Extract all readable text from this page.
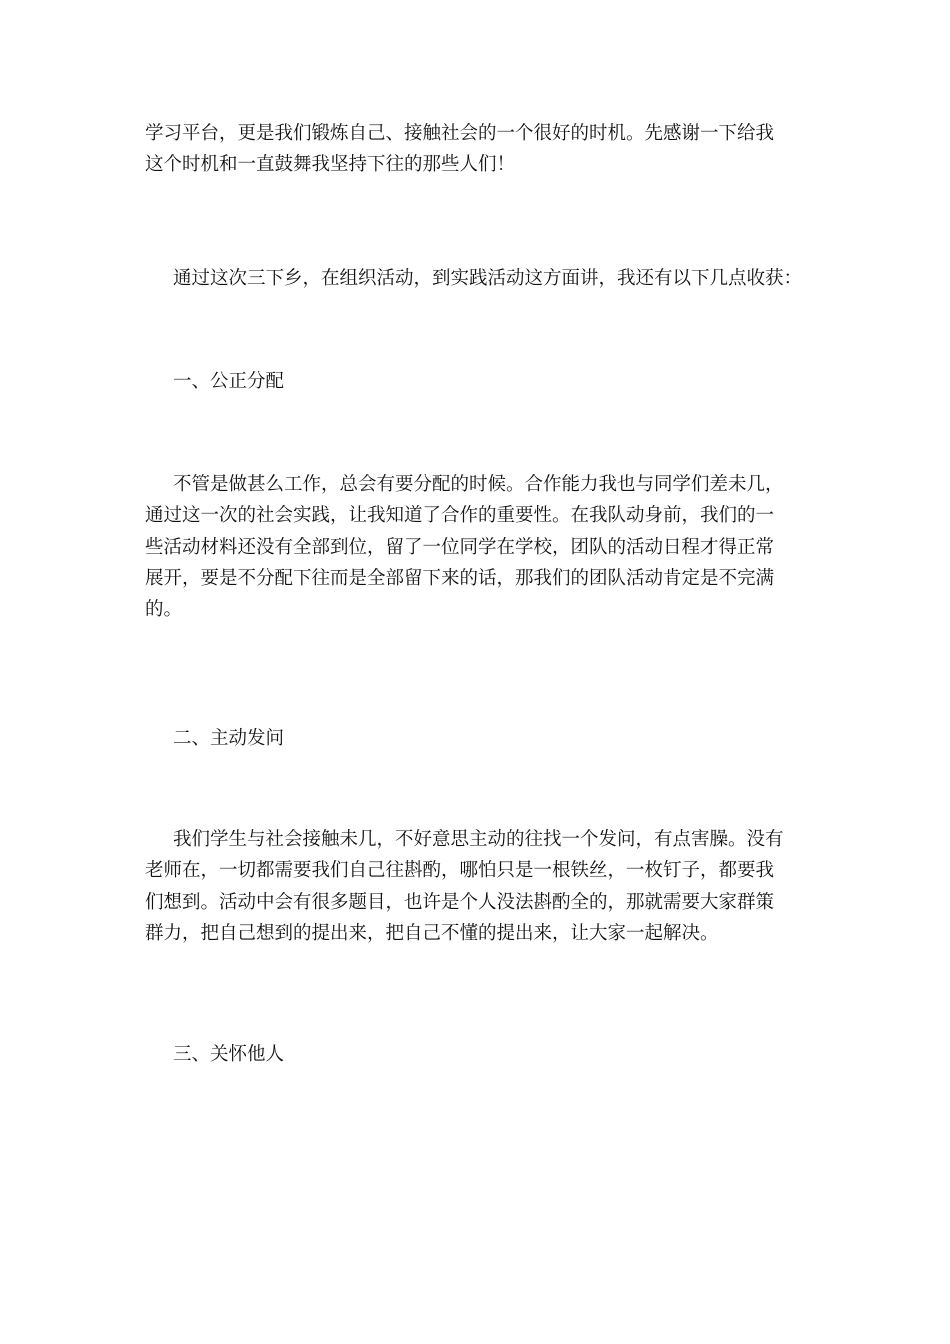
学习平台，更是我们锻炼自己、接触社会的一个很好的时机。先感谢一下给我
这个时机和一直鼓舞我坚持下往的那些人们！
通过这次三下乡，在组织活动，到实践活动这方面讲，我还有以下几点收获：
一、公正分配
不管是做甚么工作，总会有要分配的时候。合作能力我也与同学们差未几，
通过这一次的社会实践，让我知道了合作的重要性。在我队动身前，我们的一
些活动材料还没有全部到位，留了一位同学在学校，团队的活动日程才得正常
展开，要是不分配下往而是全部留下来的话，那我们的团队活动肯定是不完满
的。
二、主动发问
我们学生与社会接触未几，不好意思主动的往找一个发问，有点害臊。没有
老师在，一切都需要我们自己往斟酌，哪怕只是一根铁丝，一枚钉子，都要我
们想到。活动中会有很多题目，也许是个人没法斟酌全的，那就需要大家群策
群力，把自己想到的提出来，把自己不懂的提出来，让大家一起解决。
三、关怀他人
